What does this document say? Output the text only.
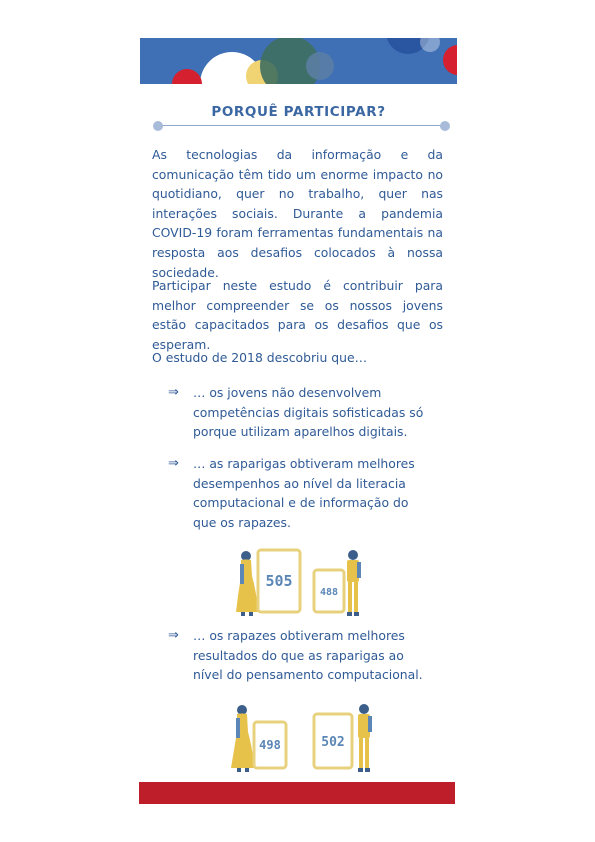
PORQUÊ PARTICIPAR?
As tecnologias da informação e da comunicação têm tido um enorme impacto no quotidiano, quer no trabalho, quer nas interações sociais. Durante a pandemia COVID-19 foram ferramentas fundamentais na resposta aos desafios colocados à nossa sociedade.
Participar neste estudo é contribuir para melhor compreender se os nossos jovens estão capacitados para os desafios que os esperam.
O estudo de 2018 descobriu que…
⇒	… os jovens não desenvolvem competências digitais sofisticadas só porque utilizam aparelhos digitais.
⇒	… as raparigas obtiveram melhores desempenhos ao nível da literacia computacional e de informação do que os rapazes.
505
488
⇒	… os rapazes obtiveram melhores resultados do que as raparigas ao nível do pensamento computacional.
498	502
